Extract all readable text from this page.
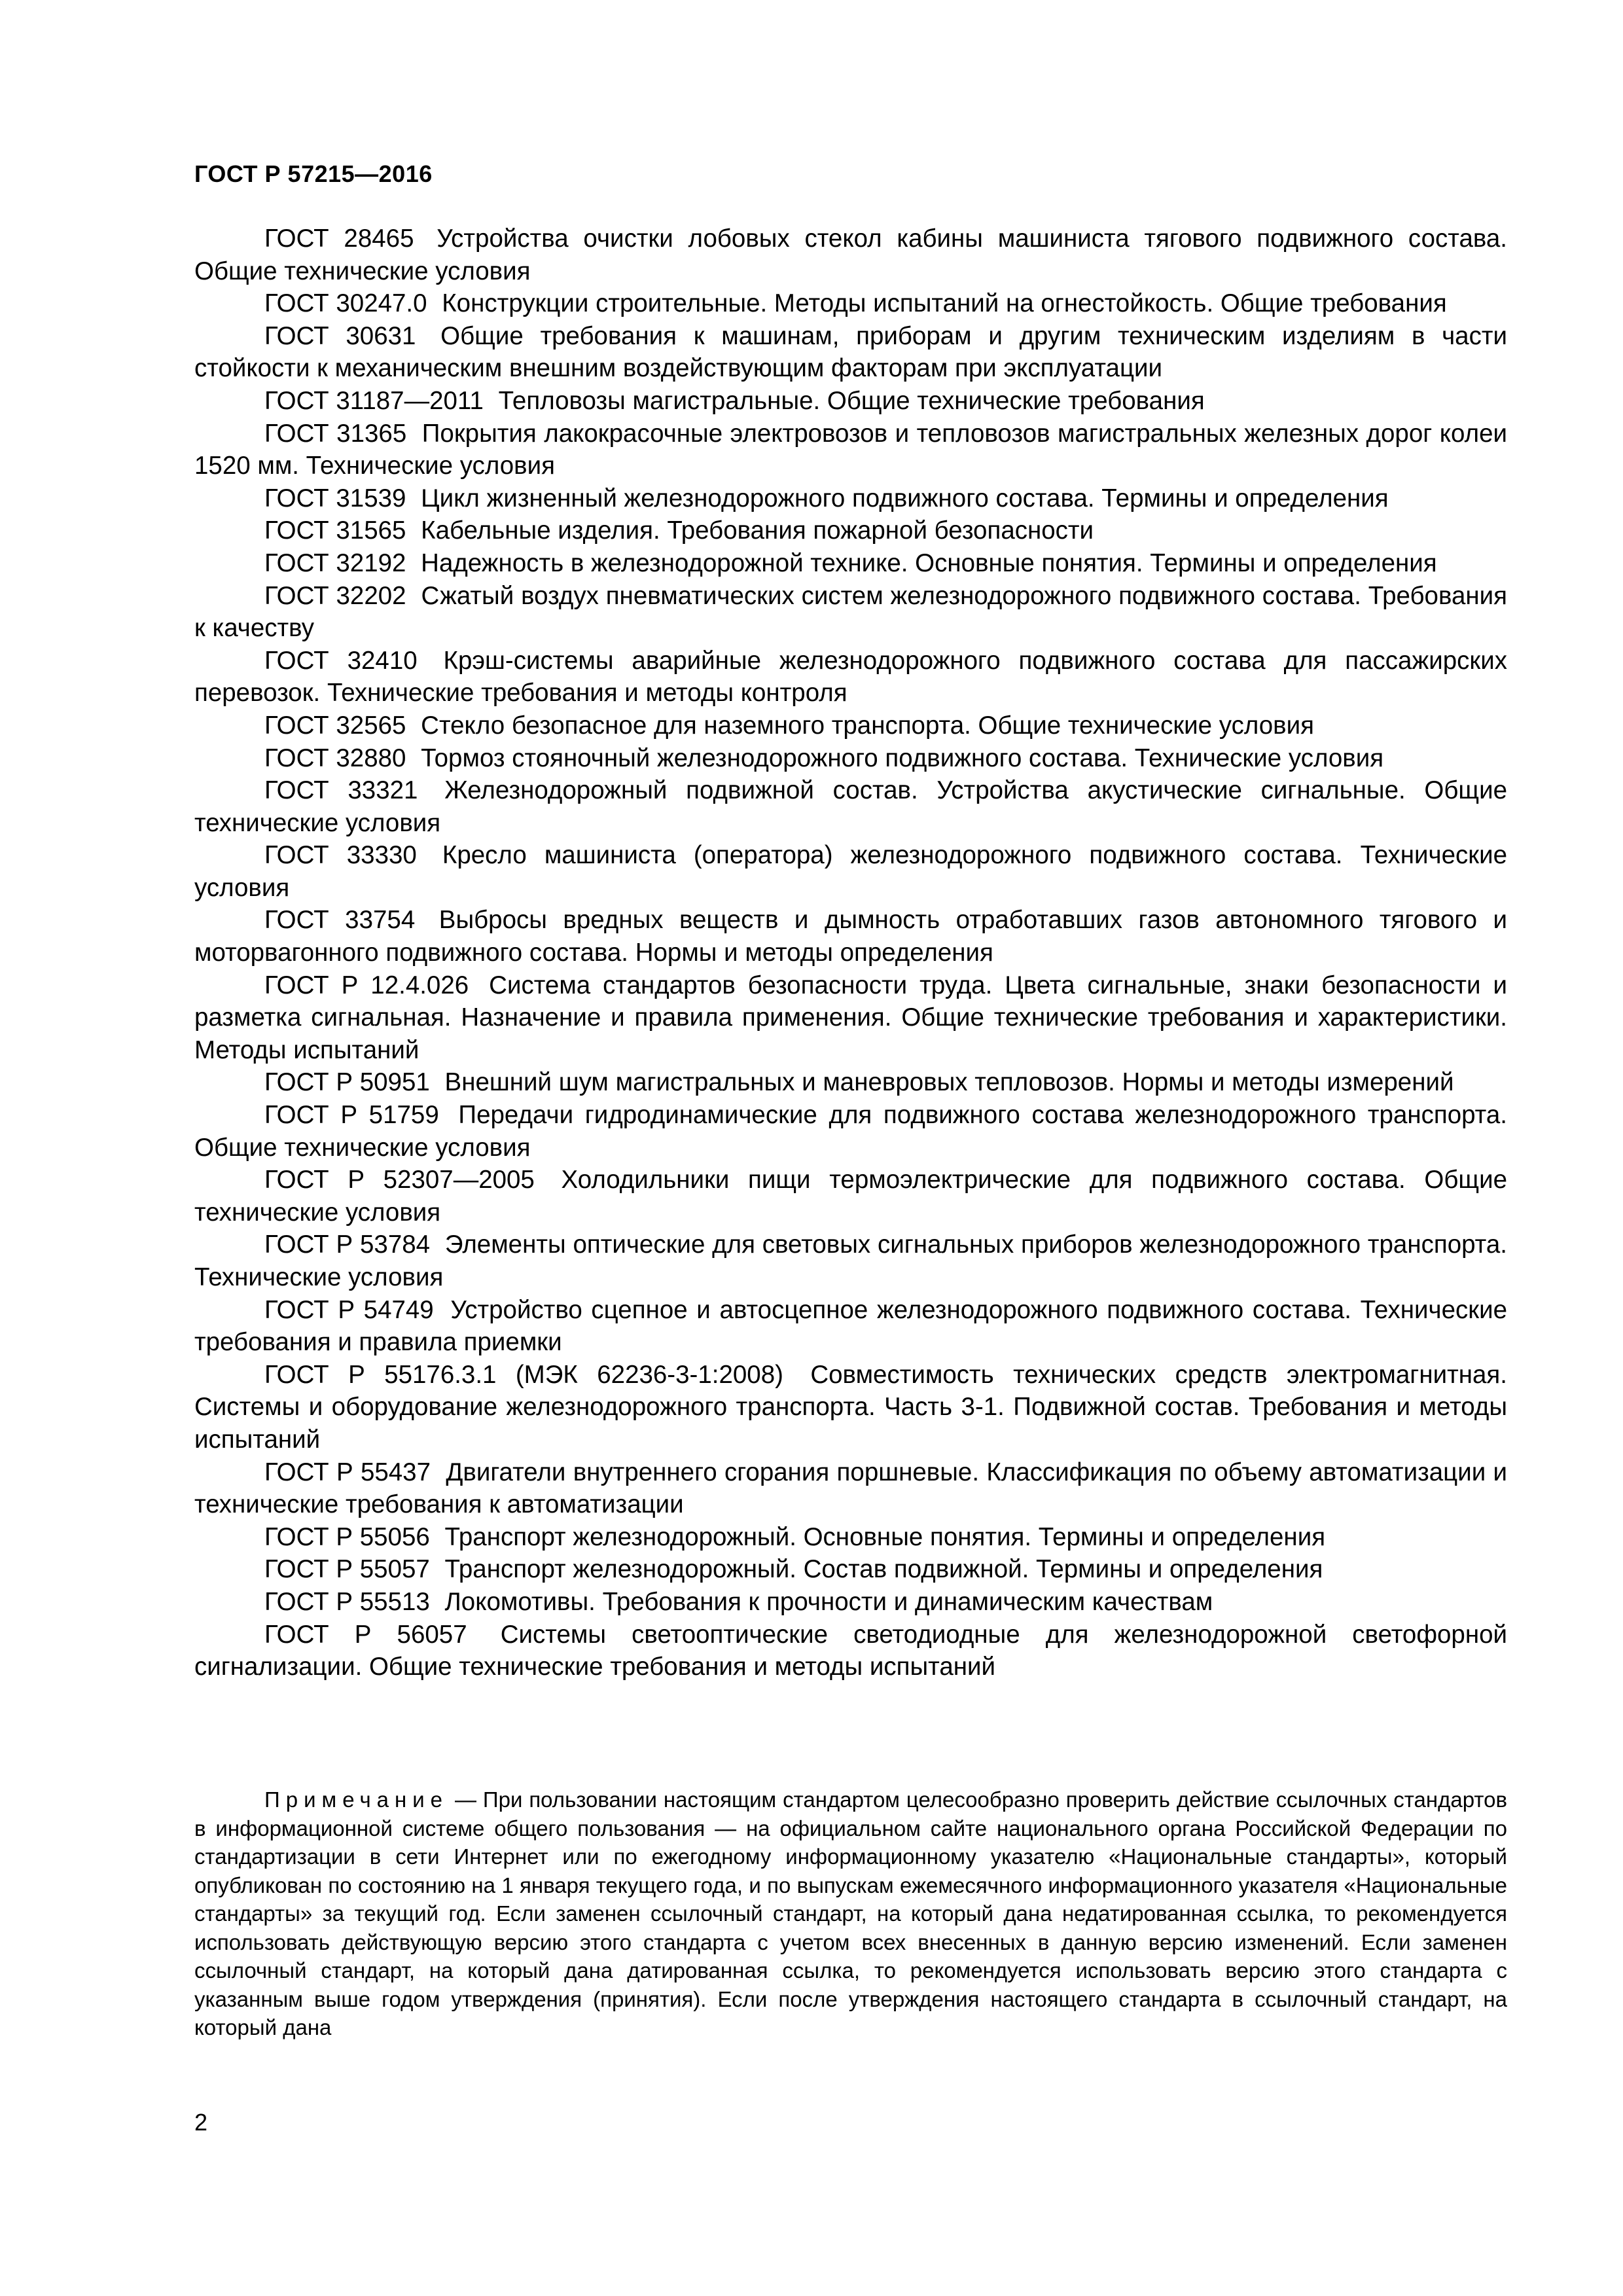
ГОСТ Р 57215—2016

ГОСТ 28465 Устройства очистки лобовых стекол кабины машиниста тягового подвижного состава. Общие технические условия

ГОСТ 30247.0 Конструкции строительные. Методы испытаний на огнестойкость. Общие требования

ГОСТ 30631 Общие требования к машинам, приборам и другим техническим изделиям в части стойкости к механическим внешним воздействующим факторам при эксплуатации

ГОСТ 31187—2011 Тепловозы магистральные. Общие технические требования

ГОСТ 31365 Покрытия лакокрасочные электровозов и тепловозов магистральных железных дорог колеи 1520 мм. Технические условия

ГОСТ 31539 Цикл жизненный железнодорожного подвижного состава. Термины и определения

ГОСТ 31565 Кабельные изделия. Требования пожарной безопасности

ГОСТ 32192 Надежность в железнодорожной технике. Основные понятия. Термины и определения

ГОСТ 32202 Сжатый воздух пневматических систем железнодорожного подвижного состава. Требования к качеству

ГОСТ 32410 Крэш-системы аварийные железнодорожного подвижного состава для пассажирских перевозок. Технические требования и методы контроля

ГОСТ 32565 Стекло безопасное для наземного транспорта. Общие технические условия

ГОСТ 32880 Тормоз стояночный железнодорожного подвижного состава. Технические условия

ГОСТ 33321 Железнодорожный подвижной состав. Устройства акустические сигнальные. Общие технические условия

ГОСТ 33330 Кресло машиниста (оператора) железнодорожного подвижного состава. Технические условия

ГОСТ 33754 Выбросы вредных веществ и дымность отработавших газов автономного тягового и моторвагонного подвижного состава. Нормы и методы определения

ГОСТ Р 12.4.026 Система стандартов безопасности труда. Цвета сигнальные, знаки безопасности и разметка сигнальная. Назначение и правила применения. Общие технические требования и характеристики. Методы испытаний

ГОСТ Р 50951 Внешний шум магистральных и маневровых тепловозов. Нормы и методы измерений

ГОСТ Р 51759 Передачи гидродинамические для подвижного состава железнодорожного транспорта. Общие технические условия

ГОСТ Р 52307—2005 Холодильники пищи термоэлектрические для подвижного состава. Общие технические условия

ГОСТ Р 53784 Элементы оптические для световых сигнальных приборов железнодорожного транспорта. Технические условия

ГОСТ Р 54749 Устройство сцепное и автосцепное железнодорожного подвижного состава. Технические требования и правила приемки

ГОСТ Р 55176.3.1 (МЭК 62236-3-1:2008) Совместимость технических средств электромагнитная. Системы и оборудование железнодорожного транспорта. Часть 3-1. Подвижной состав. Требования и методы испытаний

ГОСТ Р 55437 Двигатели внутреннего сгорания поршневые. Классификация по объему автоматизации и технические требования к автоматизации

ГОСТ Р 55056 Транспорт железнодорожный. Основные понятия. Термины и определения

ГОСТ Р 55057 Транспорт железнодорожный. Состав подвижной. Термины и определения

ГОСТ Р 55513 Локомотивы. Требования к прочности и динамическим качествам

ГОСТ Р 56057 Системы светооптические светодиодные для железнодорожной светофорной сигнализации. Общие технические требования и методы испытаний

Примечание — При пользовании настоящим стандартом целесообразно проверить действие ссылочных стандартов в информационной системе общего пользования — на официальном сайте национального органа Российской Федерации по стандартизации в сети Интернет или по ежегодному информационному указателю «Национальные стандарты», который опубликован по состоянию на 1 января текущего года, и по выпускам ежемесячного информационного указателя «Национальные стандарты» за текущий год. Если заменен ссылочный стандарт, на который дана недатированная ссылка, то рекомендуется использовать действующую версию этого стандарта с учетом всех внесенных в данную версию изменений. Если заменен ссылочный стандарт, на который дана датированная ссылка, то рекомендуется использовать версию этого стандарта с указанным выше годом утверждения (принятия). Если после утверждения настоящего стандарта в ссылочный стандарт, на который дана

2
